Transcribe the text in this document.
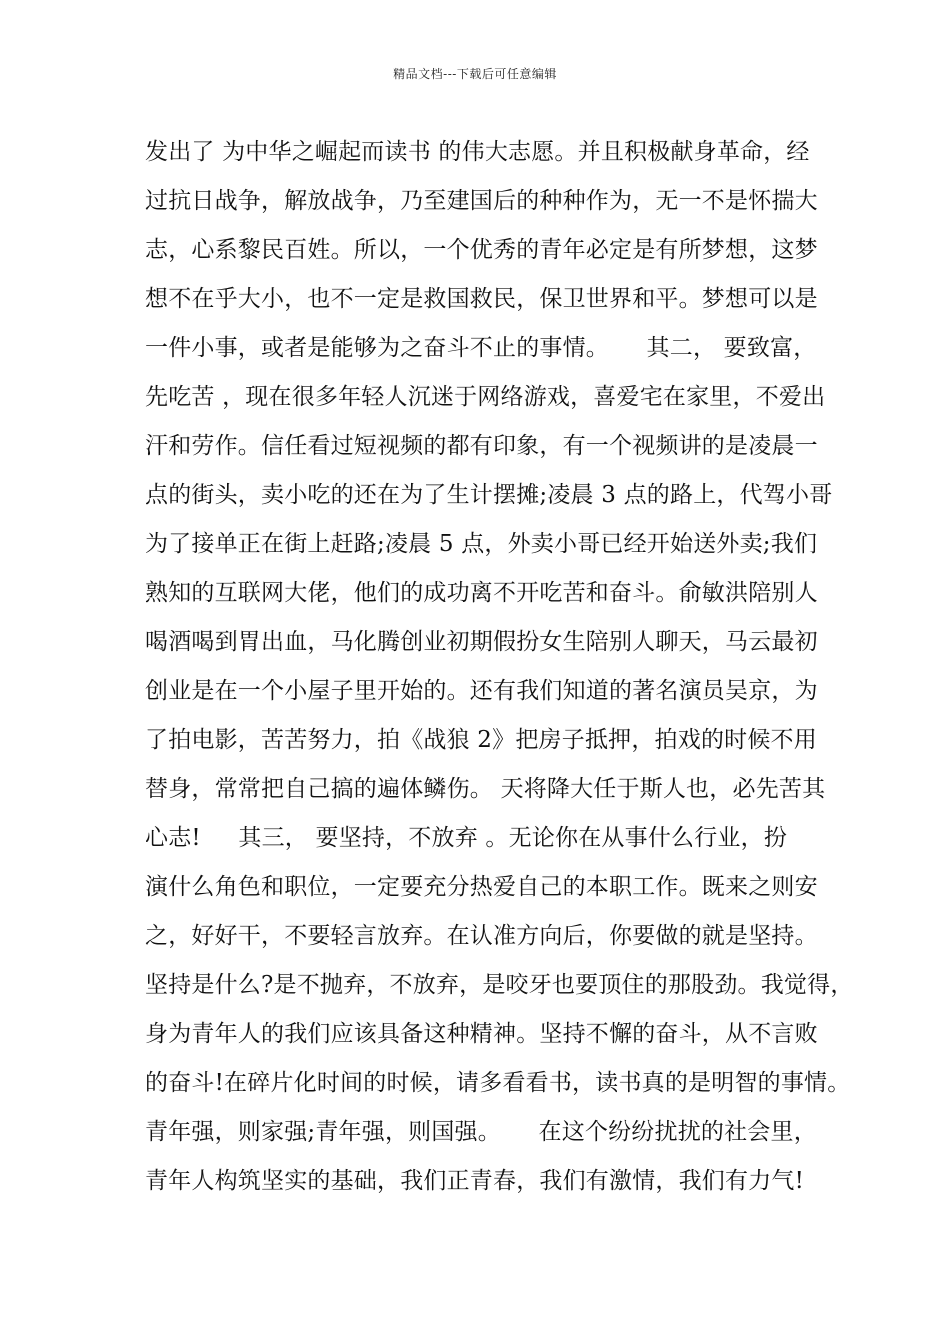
精品文档---下载后可任意编辑
发出了 为中华之崛起而读书 的伟大志愿。并且积极献身革命，经
过抗日战争，解放战争，乃至建国后的种种作为，无一不是怀揣大
志，心系黎民百姓。所以，一个优秀的青年必定是有所梦想，这梦
想不在乎大小，也不一定是救国救民，保卫世界和平。梦想可以是
一件小事，或者是能够为之奋斗不止的事情。     其二， 要致富，
先吃苦 ，现在很多年轻人沉迷于网络游戏，喜爱宅在家里，不爱出
汗和劳作。信任看过短视频的都有印象，有一个视频讲的是凌晨一
点的街头，卖小吃的还在为了生计摆摊;凌晨 3 点的路上，代驾小哥
为了接单正在街上赶路;凌晨 5 点，外卖小哥已经开始送外卖;我们
熟知的互联网大佬，他们的成功离不开吃苦和奋斗。俞敏洪陪别人
喝酒喝到胃出血，马化腾创业初期假扮女生陪别人聊天，马云最初
创业是在一个小屋子里开始的。还有我们知道的著名演员吴京，为
了拍电影，苦苦努力，拍《战狼 2》把房子抵押，拍戏的时候不用
替身，常常把自己搞的遍体鳞伤。 天将降大任于斯人也，必先苦其
心志!     其三， 要坚持，不放弃 。无论你在从事什么行业，扮
演什么角色和职位，一定要充分热爱自己的本职工作。既来之则安
之，好好干，不要轻言放弃。在认准方向后，你要做的就是坚持。
坚持是什么?是不抛弃，不放弃，是咬牙也要顶住的那股劲。我觉得，
身为青年人的我们应该具备这种精神。坚持不懈的奋斗，从不言败
的奋斗!在碎片化时间的时候，请多看看书，读书真的是明智的事情。
青年强，则家强;青年强，则国强。     在这个纷纷扰扰的社会里，
青年人构筑坚实的基础，我们正青春，我们有激情，我们有力气!
